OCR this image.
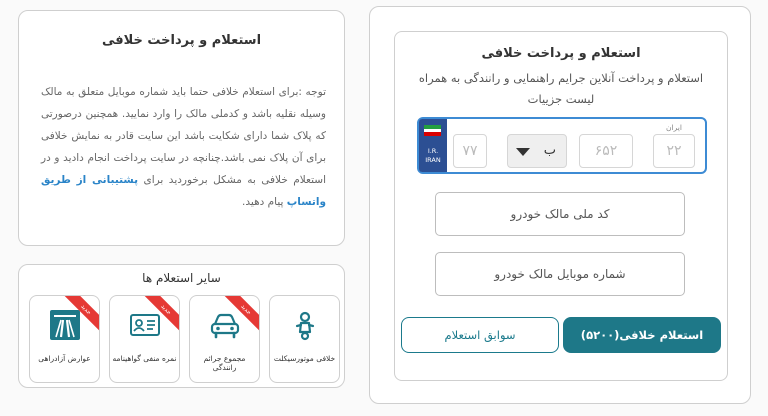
استعلام و پرداخت خلافی
توجه :برای استعلام خلافی حتما باید شماره موبایل متعلق به مالک وسیله نقلیه باشد و کدملی مالک را وارد نمایید. همچنین درصورتی که پلاک شما دارای شکایت باشد این سایت قادر به نمایش خلافی برای آن پلاک نمی باشد.چنانچه در سایت پرداخت انجام دادید و در استعلام خلافی به مشکل برخوردید برای پشتیبانی از طریق واتساپ پیام دهید.
سایر استعلام ها
خلافی موتورسیکلت
مجموع جرائم رانندگی
جدید
نمره منفی گواهینامه
جدید
عوارض آزادراهی
جدید
استعلام و پرداخت خلافی
استعلام و پرداخت آنلاین جرایم راهنمایی و رانندگی به همراه لیست جزییات
I.R. IRAN
۷۷	ب	۶۵۲
ایران
۲۲
کد ملی مالک خودرو
شماره موبایل مالک خودرو
سوابق استعلام	استعلام خلافی(۵۲۰۰)
